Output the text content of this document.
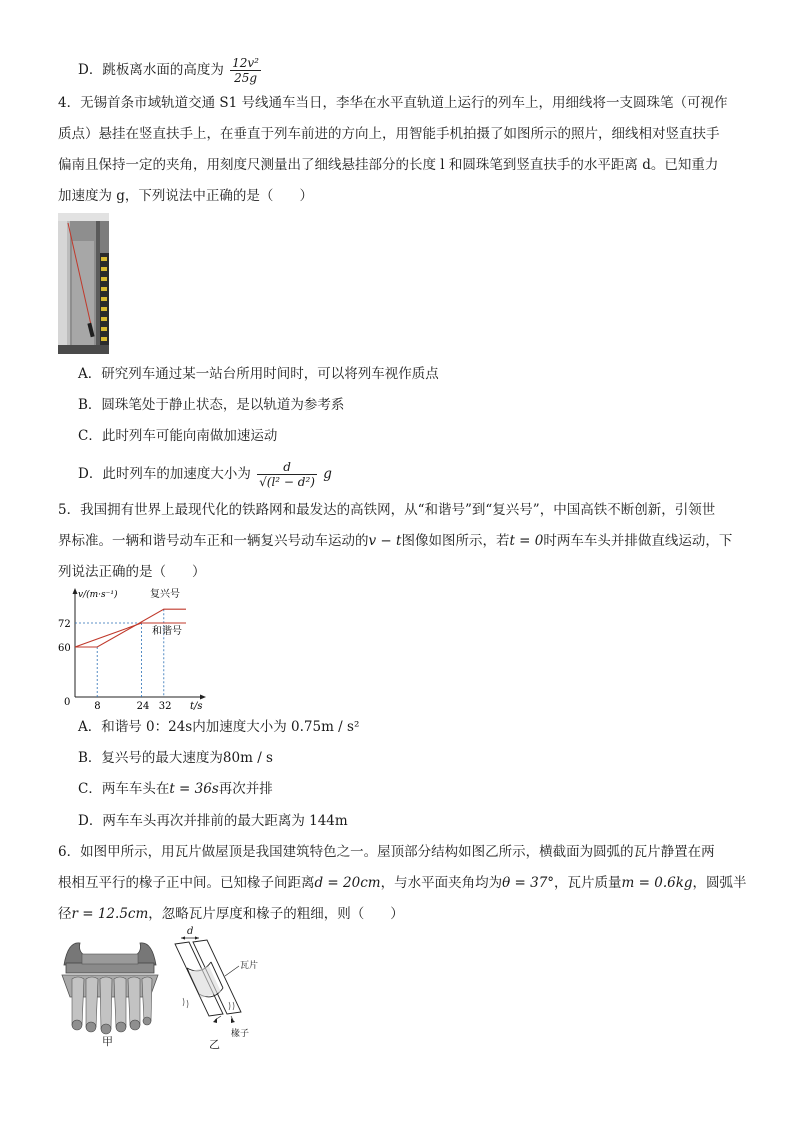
D．跳板离水面的高度为 $\frac{\text{12v²}}{25g}$
4．无锡首条市域轨道交通 S1 号线通车当日，李华在水平直轨道上运行的列车上，用细线将一支圆珠笔（可视作
质点）悬挂在竖直扶手上，在垂直于列车前进的方向上，用智能手机拍摄了如图所示的照片，细线相对竖直扶手
偏南且保持一定的夹角，用刻度尺测量出了细线悬挂部分的长度 l 和圆珠笔到竖直扶手的水平距离 d。已知重力
加速度为 g，下列说法中正确的是（ ）
A．研究列车通过某一站台所用时间时，可以将列车视作质点
B．圆珠笔处于静止状态，是以轨道为参考系
C．此时列车可能向南做加速运动
D．此时列车的加速度大小为 $\frac{d}{\text{√(l² − d²)}}$ g
5．我国拥有世界上最现代化的铁路网和最发达的高铁网，从“和谐号”到“复兴号”，中国高铁不断创新，引领世
界标准。一辆和谐号动车正和一辆复兴号动车运动的v − t图像如图所示，若t = 0时两车车头并排做直线运动，下
列说法正确的是（ ）
复兴号
和谐号
72
60
8	24 32
0
v/(m·s⁻¹)
t/s
A．和谐号 0：24s内加速度大小为 0.75m / s²
B．复兴号的最大速度为80m / s
C．两车车头在t = 36s再次并排
D．两车车头再次并排前的最大距离为 144m
6．如图甲所示，用瓦片做屋顶是我国建筑特色之一。屋顶部分结构如图乙所示，横截面为圆弧的瓦片静置在两
根相互平行的椽子正中间。已知椽子间距离d = 20cm，与水平面夹角均为θ = 37°，瓦片质量m = 0.6kg，圆弧半
径r = 12.5cm，忽略瓦片厚度和椽子的粗细，则（ ）
甲
d
瓦片
椽子
乙
